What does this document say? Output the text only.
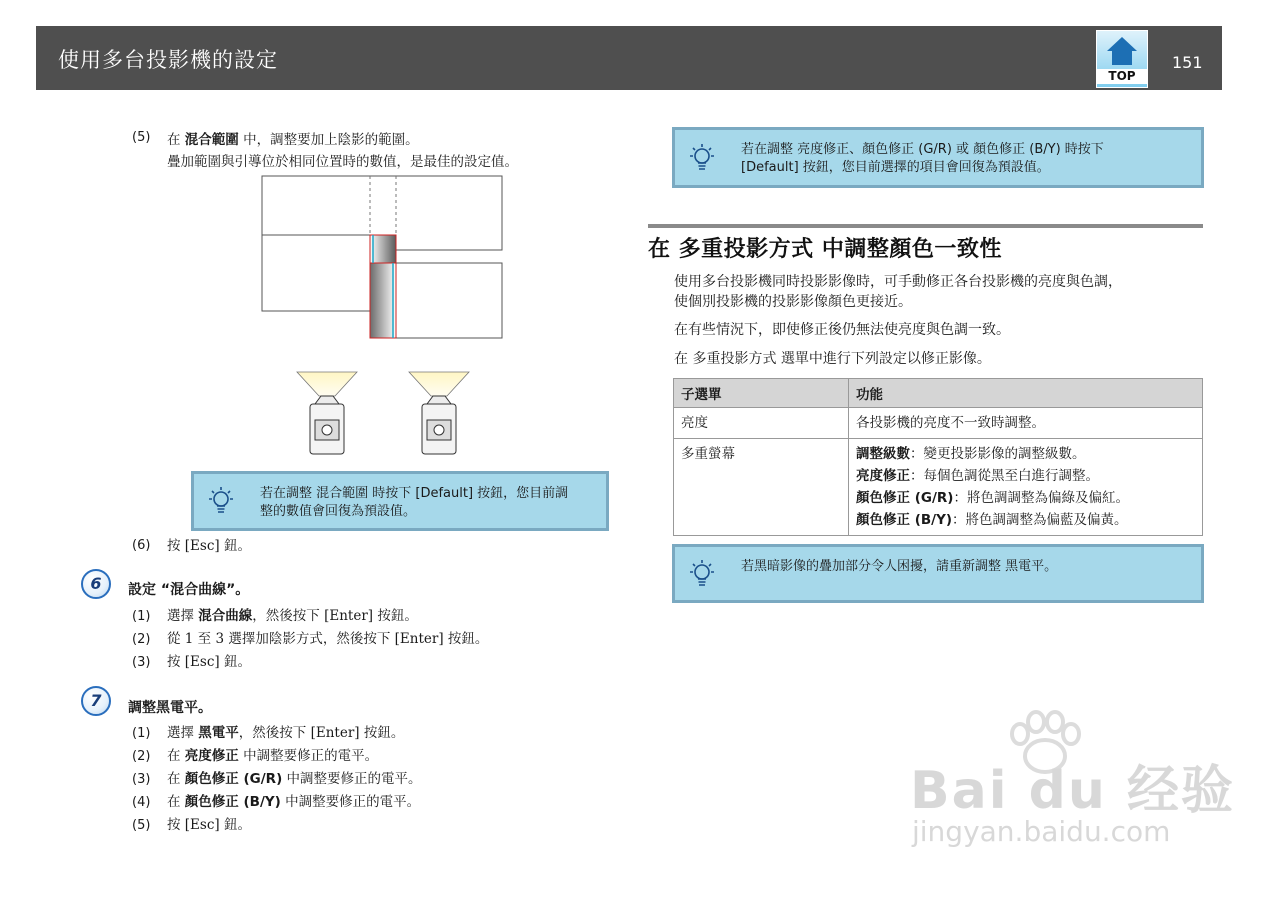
使用多台投影機的設定
TOP
151
(5)	在 混合範圍 中，調整要加上陰影的範圍。
疊加範圍與引導位於相同位置時的數值，是最佳的設定值。
若在調整 混合範圍 時按下 [Default] 按鈕，您目前調
整的數值會回復為預設值。
(6)	按 [Esc] 鈕。
6	設定 “混合曲線”。
(1)	選擇 混合曲線，然後按下 [Enter] 按鈕。
(2)	從 1 至 3 選擇加陰影方式，然後按下 [Enter] 按鈕。
(3)	按 [Esc] 鈕。
7	調整黑電平。
(1)	選擇 黑電平，然後按下 [Enter] 按鈕。
(2)	在 亮度修正 中調整要修正的電平。
(3)	在 顏色修正 (G/R) 中調整要修正的電平。
(4)	在 顏色修正 (B/Y) 中調整要修正的電平。
(5)	按 [Esc] 鈕。
若在調整 亮度修正、顏色修正 (G/R) 或 顏色修正 (B/Y) 時按下
[Default] 按鈕，您目前選擇的項目會回復為預設值。
在 多重投影方式 中調整顏色一致性
使用多台投影機同時投影影像時，可手動修正各台投影機的亮度與色調，
使個別投影機的投影影像顏色更接近。
在有些情況下，即使修正後仍無法使亮度與色調一致。
在 多重投影方式 選單中進行下列設定以修正影像。
子選單	功能
亮度	各投影機的亮度不一致時調整。
多重螢幕	調整級數：變更投影影像的調整級數。
亮度修正：每個色調從黑至白進行調整。
顏色修正 (G/R)：將色調調整為偏綠及偏紅。
顏色修正 (B/Y)：將色調調整為偏藍及偏黃。
若黑暗影像的疊加部分令人困擾，請重新調整 黑電平。
Bai du 经验
jingyan.baidu.com
